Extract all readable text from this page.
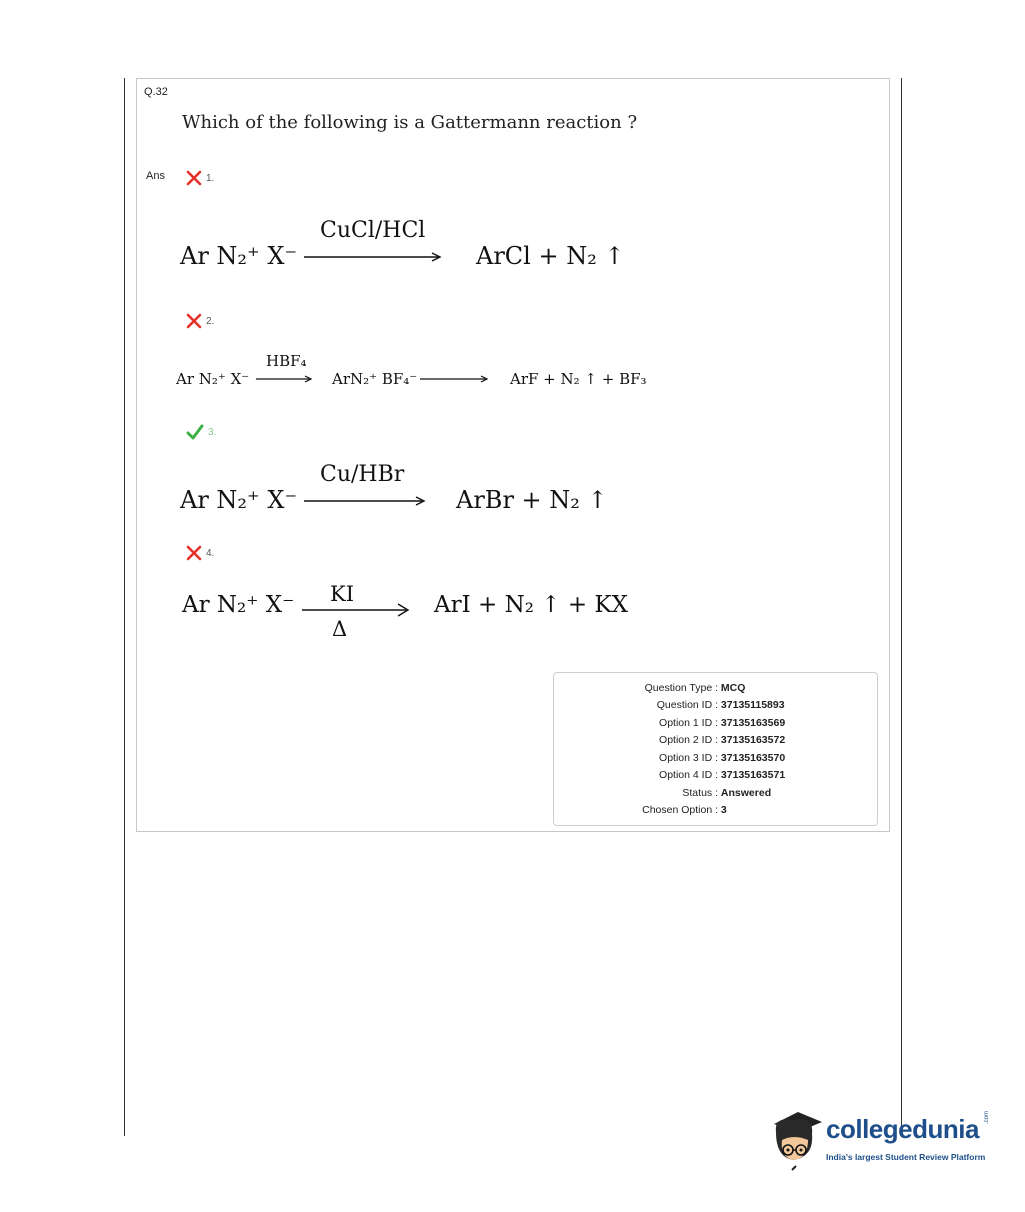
Q.32
Which of the following is a Gattermann reaction ?
Ans	1.
Ar N₂⁺ X⁻
CuCl/HCl
ArCl + N₂ ↑
2.
Ar N₂⁺ X⁻
HBF₄
ArN₂⁺ BF₄⁻	ArF + N₂ ↑ + BF₃
3.
Ar N₂⁺ X⁻
Cu/HBr
ArBr + N₂ ↑
4.
Ar N₂⁺ X⁻ KI
Δ
ArI + N₂ ↑ + KX
Question Type :
MCQ
Question ID :
37135115893
Option 1 ID :
37135163569
Option 2 ID :
37135163572
Option 3 ID :
37135163570
Option 4 ID :
37135163571
Status :
Answered
Chosen Option :
3
collegedunia .com
India's largest Student Review Platform
